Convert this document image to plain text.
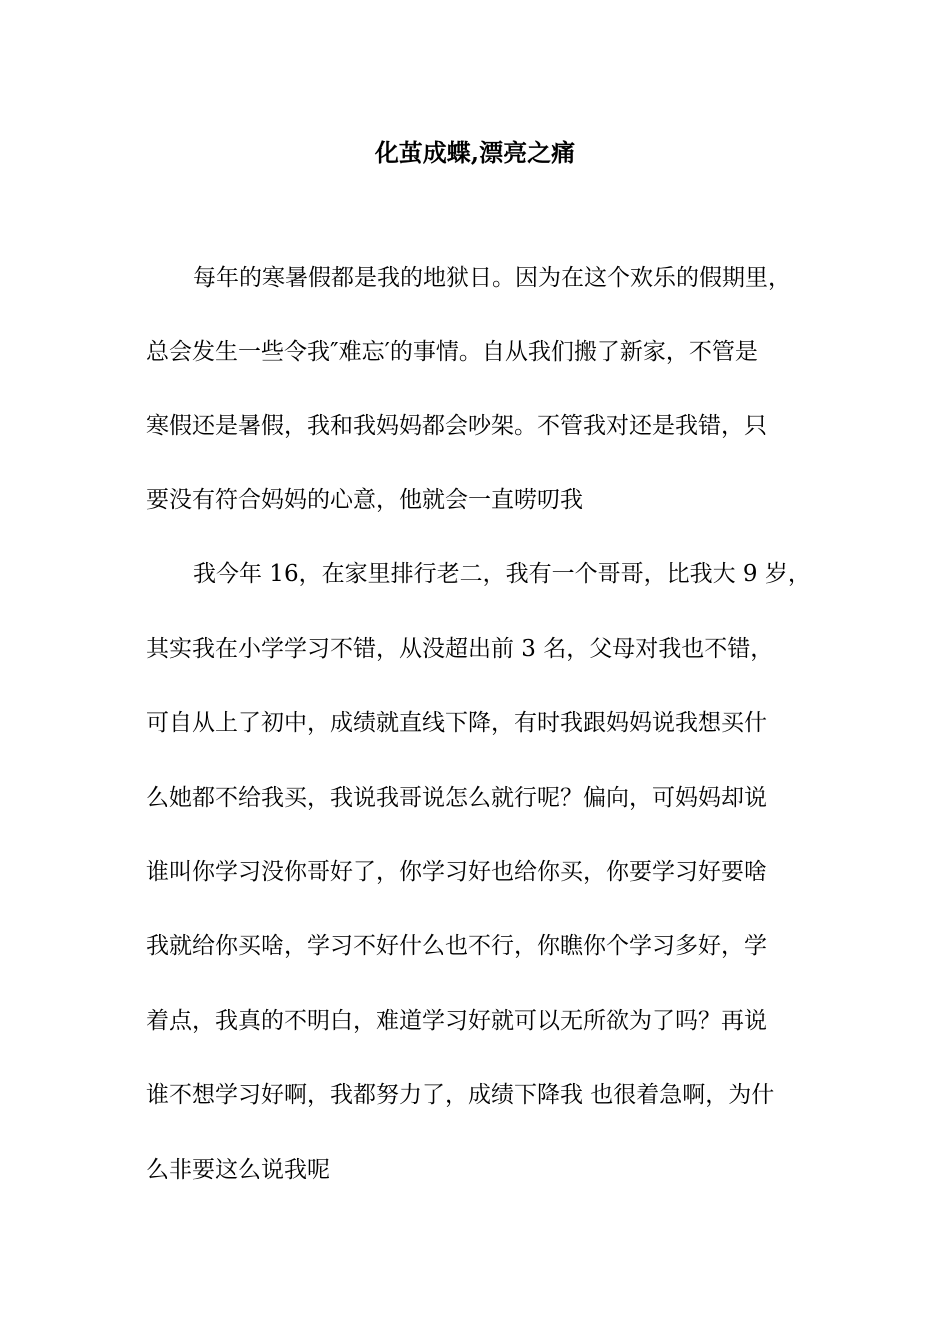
化茧成蝶,漂亮之痛
每年的寒暑假都是我的地狱日。因为在这个欢乐的假期里，
总会发生一些令我″难忘′的事情。自从我们搬了新家，不管是
寒假还是暑假，我和我妈妈都会吵架。不管我对还是我错，只
要没有符合妈妈的心意，他就会一直唠叨我
我今年 16，在家里排行老二，我有一个哥哥，比我大 9 岁，
其实我在小学学习不错，从没超出前 3 名，父母对我也不错，
可自从上了初中，成绩就直线下降，有时我跟妈妈说我想买什
么她都不给我买，我说我哥说怎么就行呢？偏向，可妈妈却说
谁叫你学习没你哥好了，你学习好也给你买，你要学习好要啥
我就给你买啥，学习不好什么也不行，你瞧你个学习多好，学
着点，我真的不明白，难道学习好就可以无所欲为了吗？再说
谁不想学习好啊，我都努力了，成绩下降我 也很着急啊，为什
么非要这么说我呢
